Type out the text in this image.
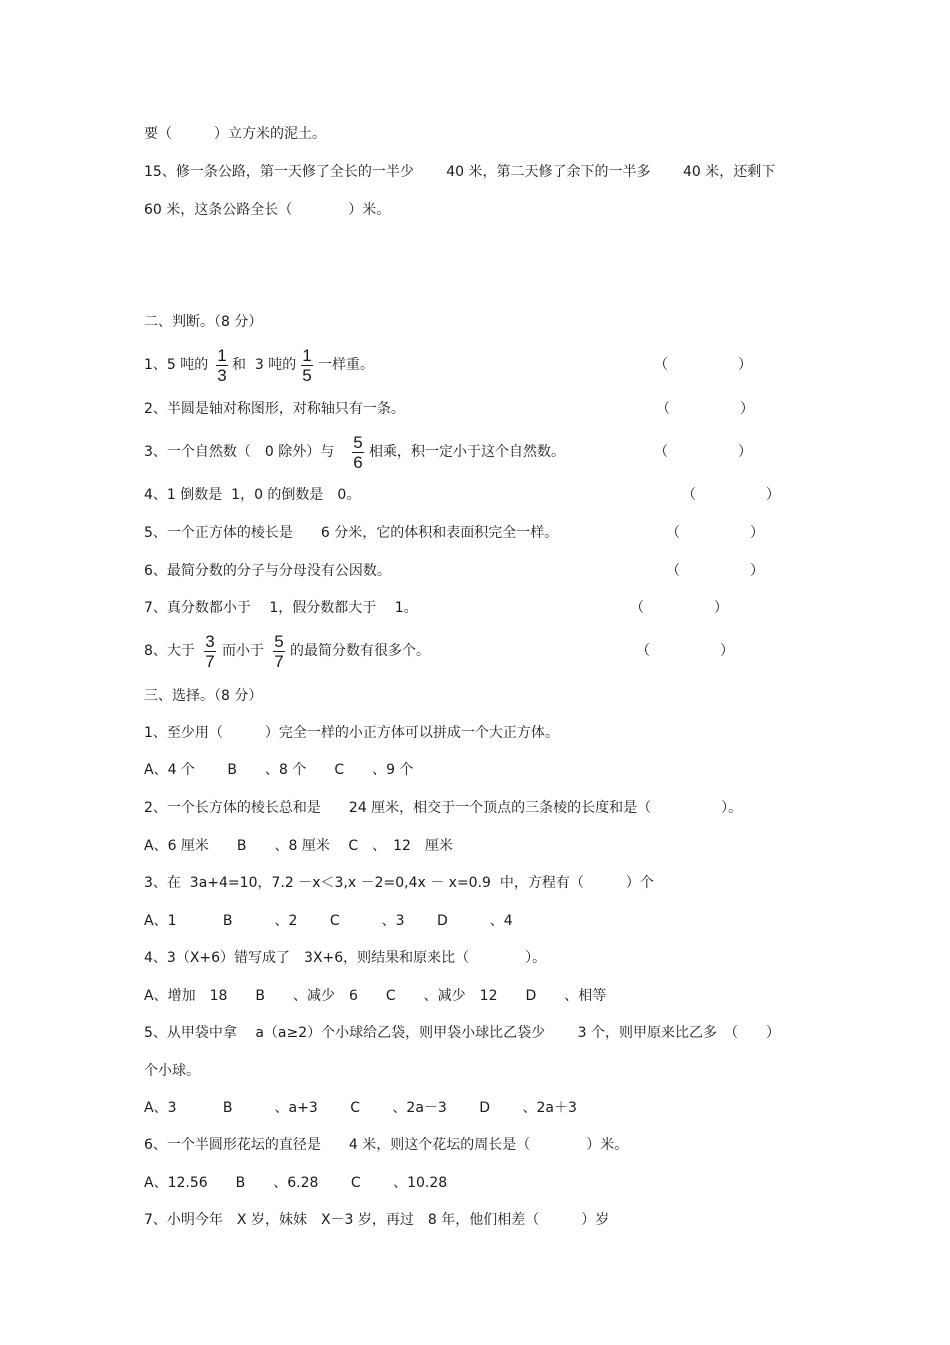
要（　　　）立方米的泥土。
15、修一条公路，第一天修了全长的一半少　　 40 米，第二天修了余下的一半多　　 40 米，还剩下
60 米，这条公路全长（　　　　）米。
二、判断。（8 分）
1、5 吨的 1
3
和  3 吨的 1
5
一样重。	（　　　　　）
2、半圆是轴对称图形，对称轴只有一条。	（　　　　　）
3、一个自然数（　0 除外）与 5
6
相乘，积一定小于这个自然数。	（　　　　　）
4、1 倒数是  1，0 的倒数是　0。	（　　　　　）
5、一个正方体的棱长是　　6 分米，它的体积和表面积完全一样。	（　　　　　）
6、最简分数的分子与分母没有公因数。	（　　　　　）
7、真分数都小于　 1，假分数都大于　 1。	（　　　　　）
8、大于 3
7
而小于 5
7
的最简分数有很多个。	（　　　　　）
三、选择。（8 分）
1、至少用（　　　）完全一样的小正方体可以拼成一个大正方体。
A、4 个　　 B　　、8 个　　C　　、9 个
2、一个长方体的棱长总和是　　24 厘米，相交于一个顶点的三条棱的长度和是（　　　　　）。
A、6 厘米　　B　　、8 厘米　 C　、　12　厘米
3、在  3a+4=10，7.2 －x＜3,x －2=0,4x － x=0.9  中，方程有（　　　）个
A、1　　　 B　　　、2　　 C　　　、3　　 D　　　、4
4、3（X+6）错写成了　3X+6，则结果和原来比（　　　　）。
A、增加　18　　B　　、减少　6　　C　　、减少　12　　D　　、相等
5、从甲袋中拿　 a（a≥2）个小球给乙袋，则甲袋小球比乙袋少　　 3 个，则甲原来比乙多　（　　）
个小球。
A、3　　　 B　　　、a+3　　 C　　 、2a－3　　 D　　 、2a＋3
6、一个半圆形花坛的直径是　　4 米，则这个花坛的周长是（　　　　）米。
A、12.56　　B　　、6.28　　 C　　 、10.28
7、小明今年　X 岁，妹妹　X－3 岁，再过　8 年，他们相差（　　　）岁
